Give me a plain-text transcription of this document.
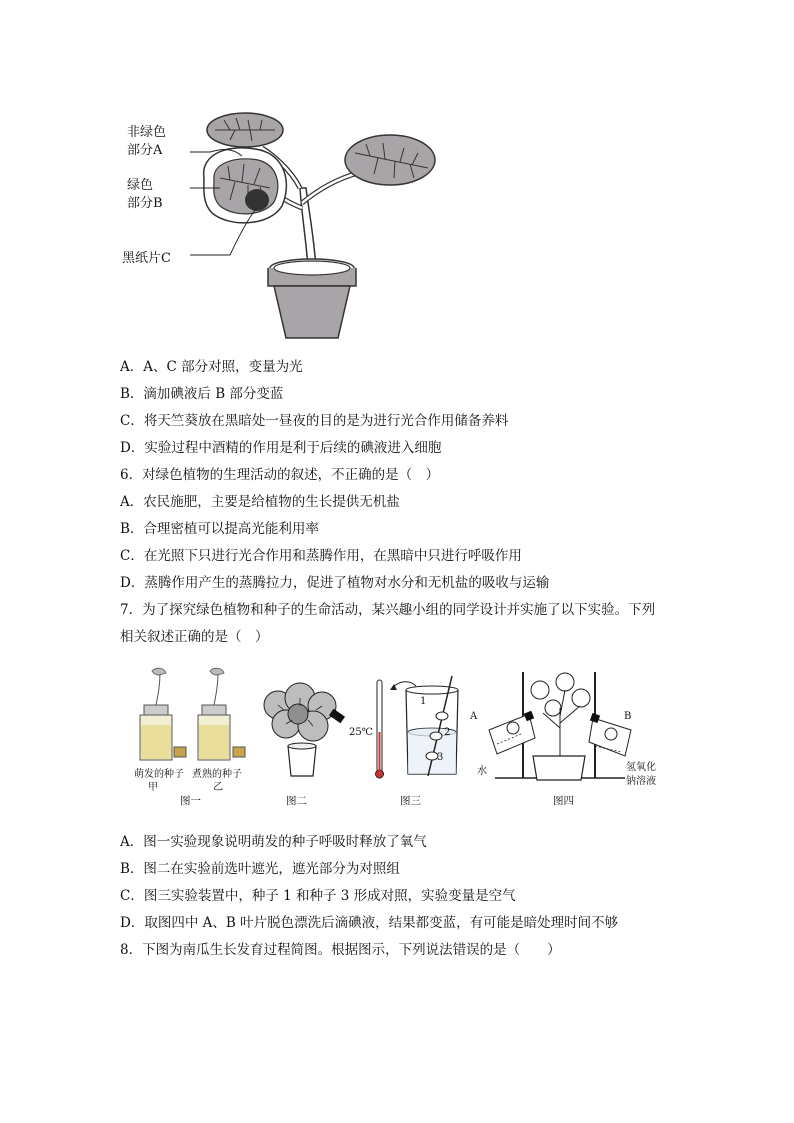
非绿色
部分A
绿色
部分B
黑纸片C
A．A、C 部分对照，变量为光
B．滴加碘液后 B 部分变蓝
C．将天竺葵放在黑暗处一昼夜的目的是为进行光合作用储备养料
D．实验过程中酒精的作用是利于后续的碘液进入细胞
6．对绿色植物的生理活动的叙述，不正确的是（　）
A．农民施肥，主要是给植物的生长提供无机盐
B．合理密植可以提高光能利用率
C．在光照下只进行光合作用和蒸腾作用，在黑暗中只进行呼吸作用
D．蒸腾作用产生的蒸腾拉力，促进了植物对水分和无机盐的吸收与运输
7．为了探究绿色植物和种子的生命活动，某兴趣小组的同学设计并实施了以下实验。下列
相关叙述正确的是（　）
萌发的种子
甲
煮熟的种子
乙
图一	图二
25℃
1
2
3
图三
A	B
水	氢氧化
钠溶液
图四
A．图一实验现象说明萌发的种子呼吸时释放了氧气
B．图二在实验前选叶遮光，遮光部分为对照组
C．图三实验装置中，种子 1 和种子 3 形成对照，实验变量是空气
D．取图四中 A、B 叶片脱色漂洗后滴碘液，结果都变蓝，有可能是暗处理时间不够
8．下图为南瓜生长发育过程简图。根据图示，下列说法错误的是（　　）
